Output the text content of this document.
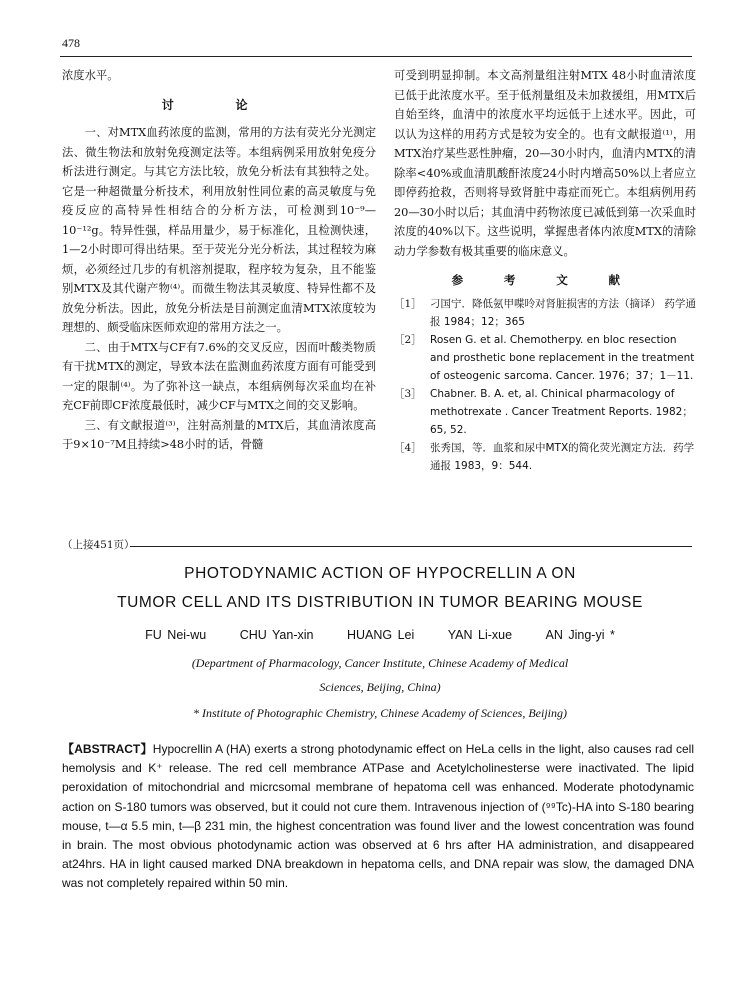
478

浓度水平。

讨 论

一、对MTX血药浓度的监测，常用的方法有荧光分光测定法、微生物法和放射免疫测定法等。本组病例采用放射免疫分析法进行测定。与其它方法比较，放免分析法有其独特之处。它是一种超微量分析技术，利用放射性同位素的高灵敏度与免疫反应的高特异性相结合的分析方法，可检测到10⁻⁹—10⁻¹²g。特异性强，样品用量少，易于标准化，且检测快速，1—2小时即可得出结果。至于荧光分光分析法，其过程较为麻烦，必须经过几步的有机溶剂提取，程序较为复杂，且不能鉴别MTX及其代谢产物⁽⁴⁾。而微生物法其灵敏度、特异性都不及放免分析法。因此，放免分析法是目前测定血清MTX浓度较为理想的、颇受临床医师欢迎的常用方法之一。

二、由于MTX与CF有7.6%的交叉反应，因而叶酸类物质有干扰MTX的测定，导致本法在监测血药浓度方面有可能受到一定的限制⁽⁴⁾。为了弥补这一缺点，本组病例每次采血均在补充CF前即CF浓度最低时，减少CF与MTX之间的交叉影响。

三、有文献报道⁽³⁾，注射高剂量的MTX后，其血清浓度高于9×10⁻⁷M且持续>48小时的话，骨髓

可受到明显抑制。本文高剂量组注射MTX 48小时血清浓度已低于此浓度水平。至于低剂量组及未加救援组，用MTX后自始至终，血清中的浓度水平均远低于上述水平。因此，可以认为这样的用药方式是较为安全的。也有文献报道⁽¹⁾，用MTX治疗某些恶性肿瘤，20—30小时内，血清内MTX的清除率<40%或血清肌酸酐浓度24小时内增高50%以上者应立即停药抢救，否则将导致肾脏中毒症而死亡。本组病例用药20—30小时以后；其血清中药物浓度已减低到第一次采血时浓度的40%以下。这些说明，掌握患者体内浓度MTX的清除动力学参数有极其重要的临床意义。

参 考 文 献
［1］ 刁国宁．降低氨甲喋呤对肾脏损害的方法（摘译） 药学通报 1984；12；365
［2］ Rosen G. et al. Chemotherpy. en bloc resection and prosthetic bone replacement in the treatment of osteogenic sarcoma. Cancer. 1976；37；1－11.
［3］ Chabner. B. A. et, al. Chinical pharmacology of methotrexate . Cancer Treatment Reports. 1982；65, 52.
［4］ 张秀国，等．血浆和尿中MTX的简化荧光测定方法．药学通报 1983，9：544.
（上接451页）
PHOTODYNAMIC ACTION OF HYPOCRELLIN A ON
TUMOR CELL AND ITS DISTRIBUTION IN TUMOR BEARING MOUSE
FU Nei-wu	CHU Yan-xin	HUANG Lei	YAN Li-xue	AN Jing-yi *
(Department of Pharmacology, Cancer Institute, Chinese Academy of Medical
Sciences, Beijing, China)
* Institute of Photographic Chemistry, Chinese Academy of Sciences, Beijing)

【ABSTRACT】Hypocrellin A (HA) exerts a strong photodynamic effect on HeLa cells in the light, also causes rad cell hemolysis and K⁺ release. The red cell membrance ATPase and Acetylcholinesterse were inactivated. The lipid peroxidation of mitochondrial and micrcsomal membrane of hepatoma cell was enhanced. Moderate photodynamic action on S-180 tumors was observed, but it could not cure them. Intravenous injection of (⁹⁹Tc)-HA into S-180 bearing mouse, t—α 5.5 min, t—β 231 min, the highest concentration was found liver and the lowest concentration was found in brain. The most obvious photodynamic action was observed at 6 hrs after HA administration, and disappeared at24hrs. HA in light caused marked DNA breakdown in hepatoma cells, and DNA repair was slow, the damaged DNA was not completely repaired within 50 min.
